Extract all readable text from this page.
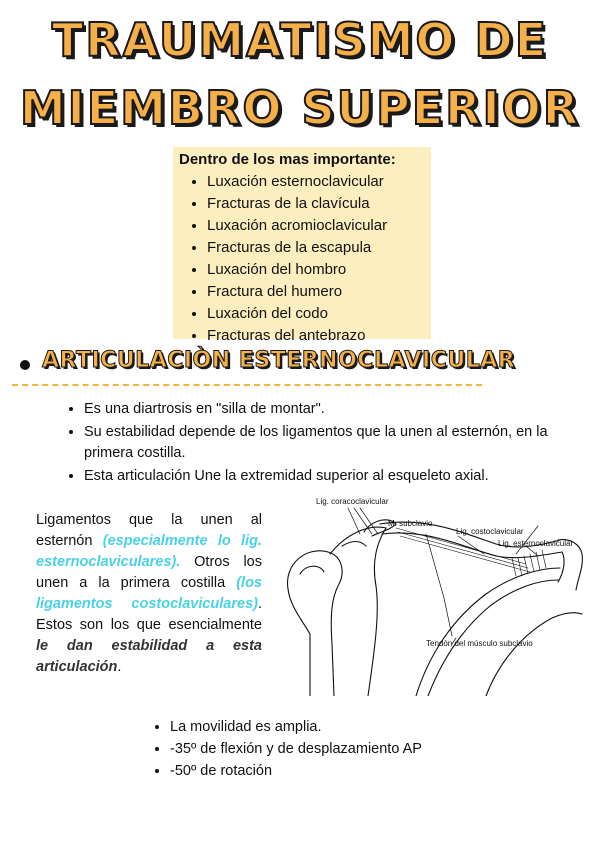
TRAUMATISMO DE
MIEMBRO SUPERIOR

Dentro de los mas importante:

• Luxación esternoclavicular
• Fracturas de la clavícula
• Luxación acromioclavicular
• Fracturas de la escapula
• Luxación del hombro
• Fractura del humero
• Luxación del codo
• Fracturas del antebrazo
ARTICULACIÒN ESTERNOCLAVICULAR
• Es una diartrosis en "silla de montar".
• Su estabilidad depende de los ligamentos que la unen al esternón, en la primera costilla.
• Esta articulación Une la extremidad superior al esqueleto axial.

Ligamentos que la unen al esternón (especialmente lo lig. esternoclaviculares). Otros los unen a la primera costilla (los ligamentos costoclaviculares). Estos son los que esencialmente le dan estabilidad a esta articulación.

Lig. coracoclavicular
M. subclavio
Lig. costoclavicular
Lig. esternoclavicular
Tendón del músculo subclavio
• La movilidad es amplia.
• -35º de flexión y de desplazamiento AP
• -50º de rotación
